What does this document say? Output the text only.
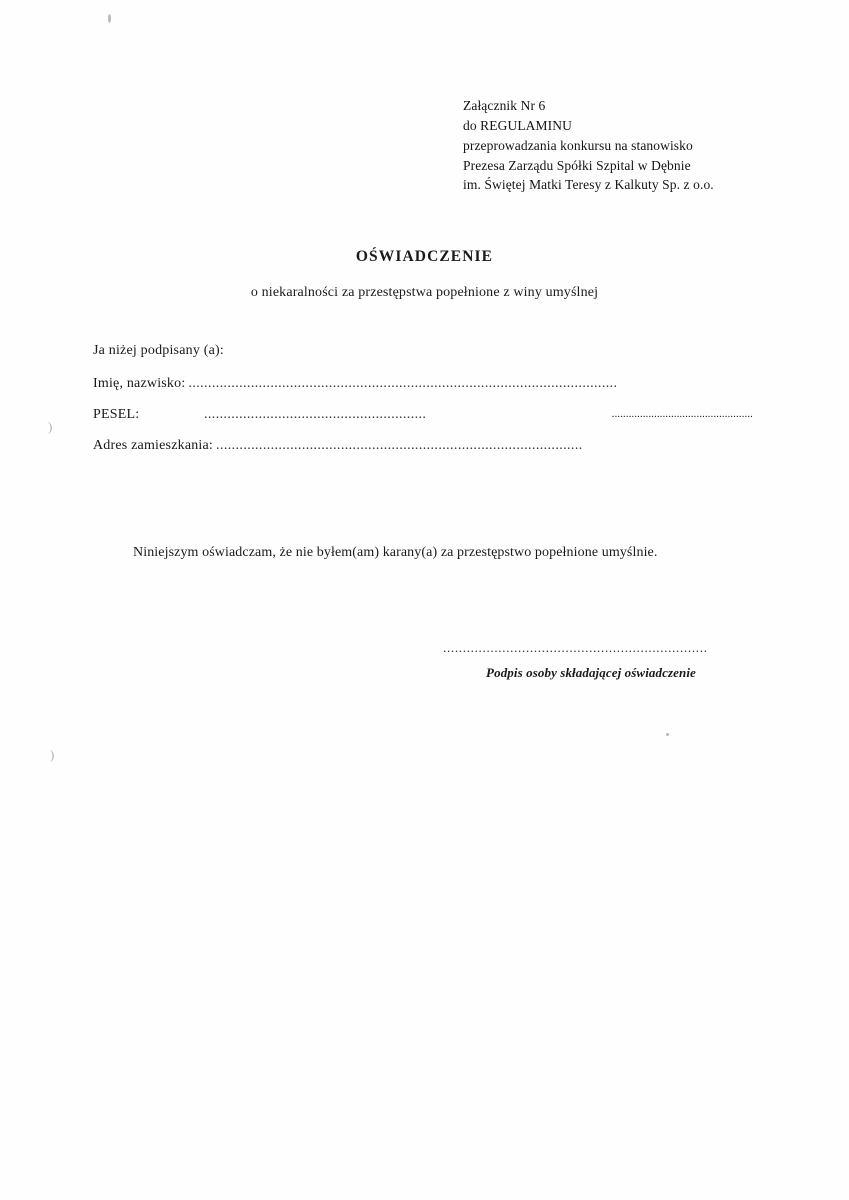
)
)
Załącznik Nr 6
do REGULAMINU
przeprowadzania konkursu na stanowisko
Prezesa Zarządu Spółki Szpital w Dębnie
im. Świętej Matki Teresy z Kalkuty Sp. z o.o.
OŚWIADCZENIE
o niekaralności za przestępstwa popełnione z winy umyślnej
Ja niżej podpisany (a):
Imię, nazwisko: ..............................................................................................................
PESEL:	.........................................................	..................................................
Adres zamieszkania: ..............................................................................................
Niniejszym oświadczam, że nie byłem(am) karany(a) za przestępstwo popełnione umyślnie.
...................................................................
Podpis osoby składającej oświadczenie
